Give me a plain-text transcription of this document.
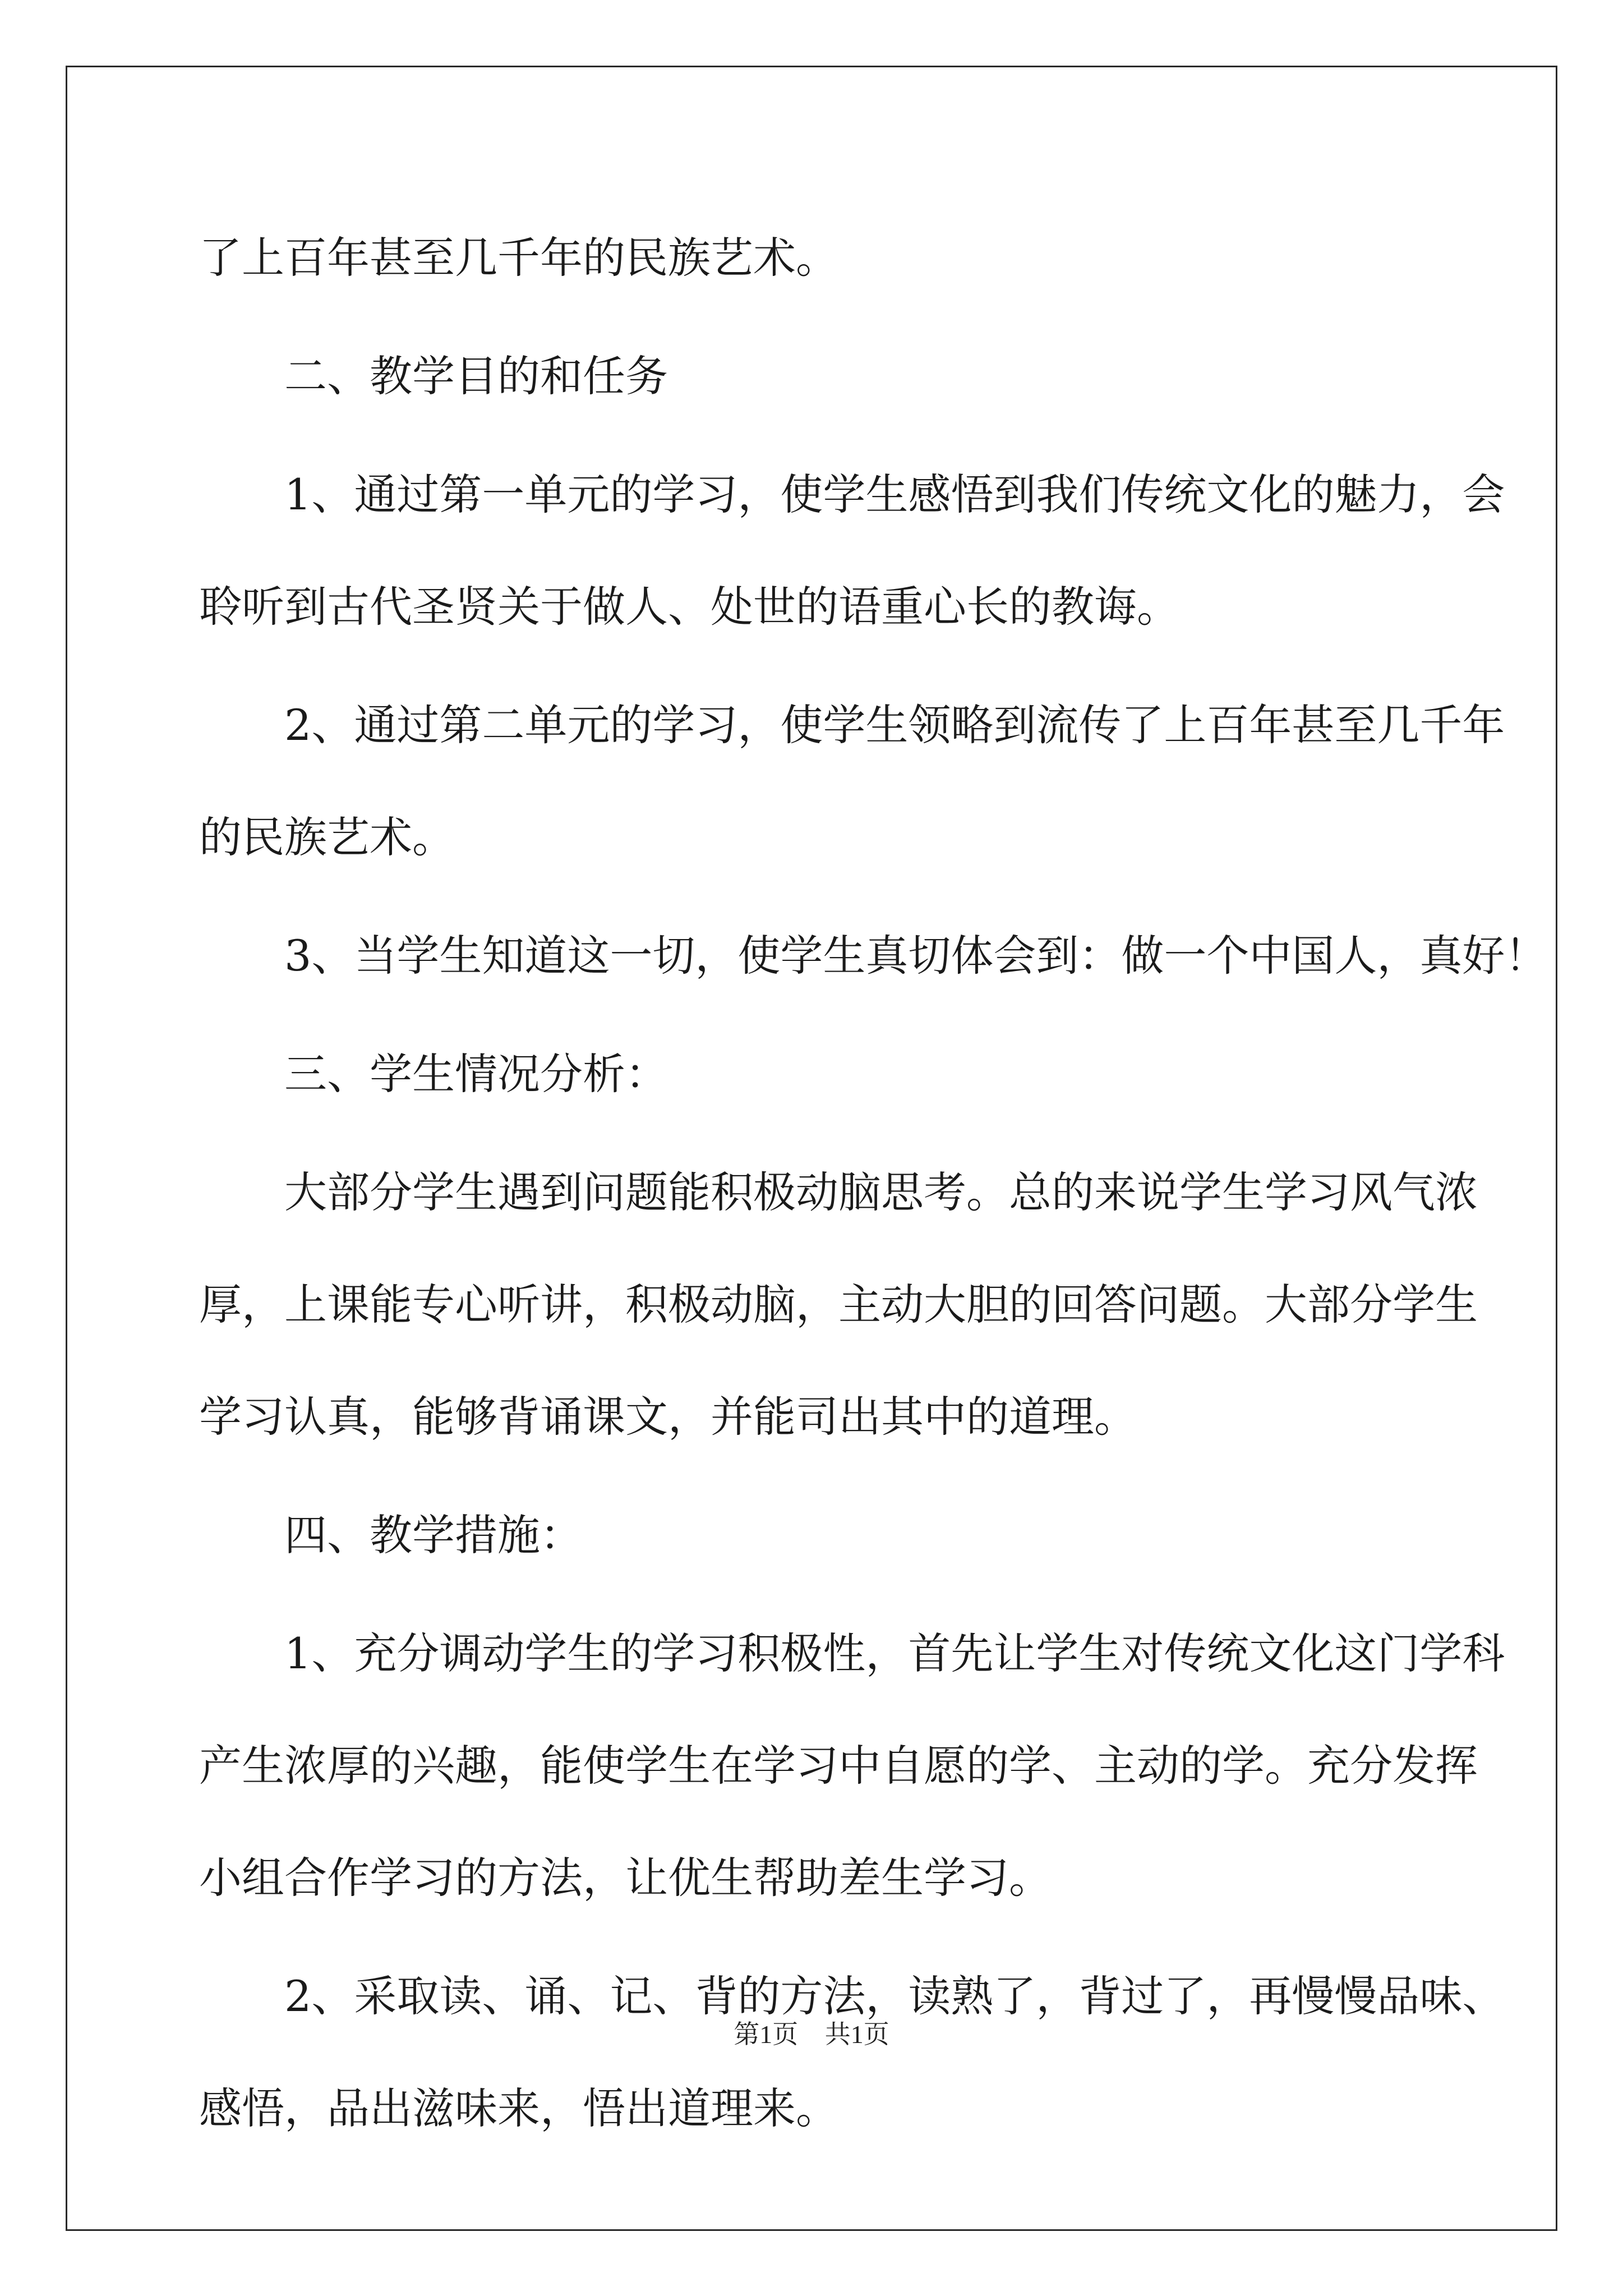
了上百年甚至几千年的民族艺术。
二、教学目的和任务
1、通过第一单元的学习，使学生感悟到我们传统文化的魅力，会
聆听到古代圣贤关于做人、处世的语重心长的教诲。
2、通过第二单元的学习，使学生领略到流传了上百年甚至几千年
的民族艺术。
3、当学生知道这一切，使学生真切体会到：做一个中国人，真好！
三、学生情况分析：
大部分学生遇到问题能积极动脑思考。总的来说学生学习风气浓
厚，上课能专心听讲，积极动脑，主动大胆的回答问题。大部分学生
学习认真，能够背诵课文，并能司出其中的道理。
四、教学措施：
1、充分调动学生的学习积极性，首先让学生对传统文化这门学科
产生浓厚的兴趣，能使学生在学习中自愿的学、主动的学。充分发挥
小组合作学习的方法，让优生帮助差生学习。
2、采取读、诵、记、背的方法，读熟了，背过了，再慢慢品味、
感悟，品出滋味来，悟出道理来。
第1页 共1页
